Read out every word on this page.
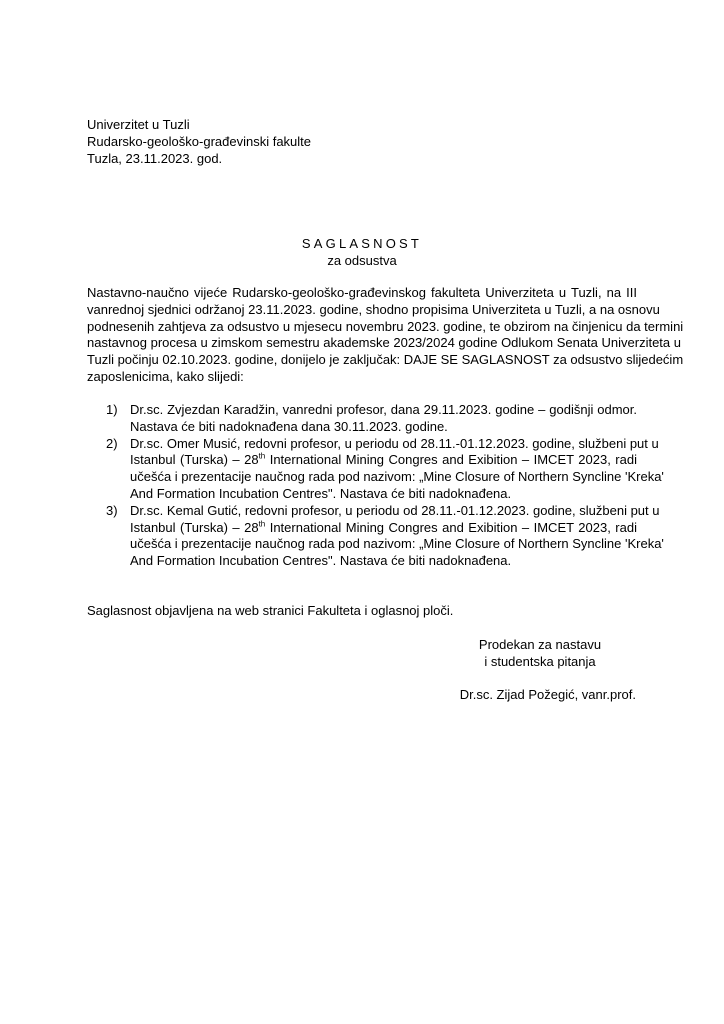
Univerzitet u Tuzli
Rudarsko-geološko-građevinski fakulte
Tuzla, 23.11.2023. god.
SAGLASNOST
za odsustva
Nastavno-naučno vijeće Rudarsko-geološko-građevinskog fakulteta Univerziteta u Tuzli, na III
vanrednoj sjednici održanoj 23.11.2023. godine, shodno propisima Univerziteta u Tuzli, a na osnovu
podnesenih zahtjeva za odsustvo u mjesecu novembru 2023. godine, te obzirom na činjenicu da termini
nastavnog procesa u zimskom semestru akademske 2023/2024 godine Odlukom Senata Univerziteta u
Tuzli počinju 02.10.2023. godine, donijelo je zaključak: DAJE SE SAGLASNOST za odsustvo slijedećim
zaposlenicima, kako slijedi:
1) Dr.sc. Zvjezdan Karadžin, vanredni profesor, dana 29.11.2023. godine – godišnji odmor.
Nastava će biti nadoknađena dana 30.11.2023. godine.
2) Dr.sc. Omer Musić, redovni profesor, u periodu od 28.11.-01.12.2023. godine, službeni put u
Istanbul (Turska) – 28th International Mining Congres and Exibition – IMCET 2023, radi
učešća i prezentacije naučnog rada pod nazivom: „Mine Closure of Northern Syncline 'Kreka'
And Formation Incubation Centres". Nastava će biti nadoknađena.
3) Dr.sc. Kemal Gutić, redovni profesor, u periodu od 28.11.-01.12.2023. godine, službeni put u
Istanbul (Turska) – 28th International Mining Congres and Exibition – IMCET 2023, radi
učešća i prezentacije naučnog rada pod nazivom: „Mine Closure of Northern Syncline 'Kreka'
And Formation Incubation Centres". Nastava će biti nadoknađena.
Saglasnost objavljena na web stranici Fakulteta i oglasnoj ploči.
Prodekan za nastavu
i studentska pitanja
Dr.sc. Zijad Požegić, vanr.prof.
